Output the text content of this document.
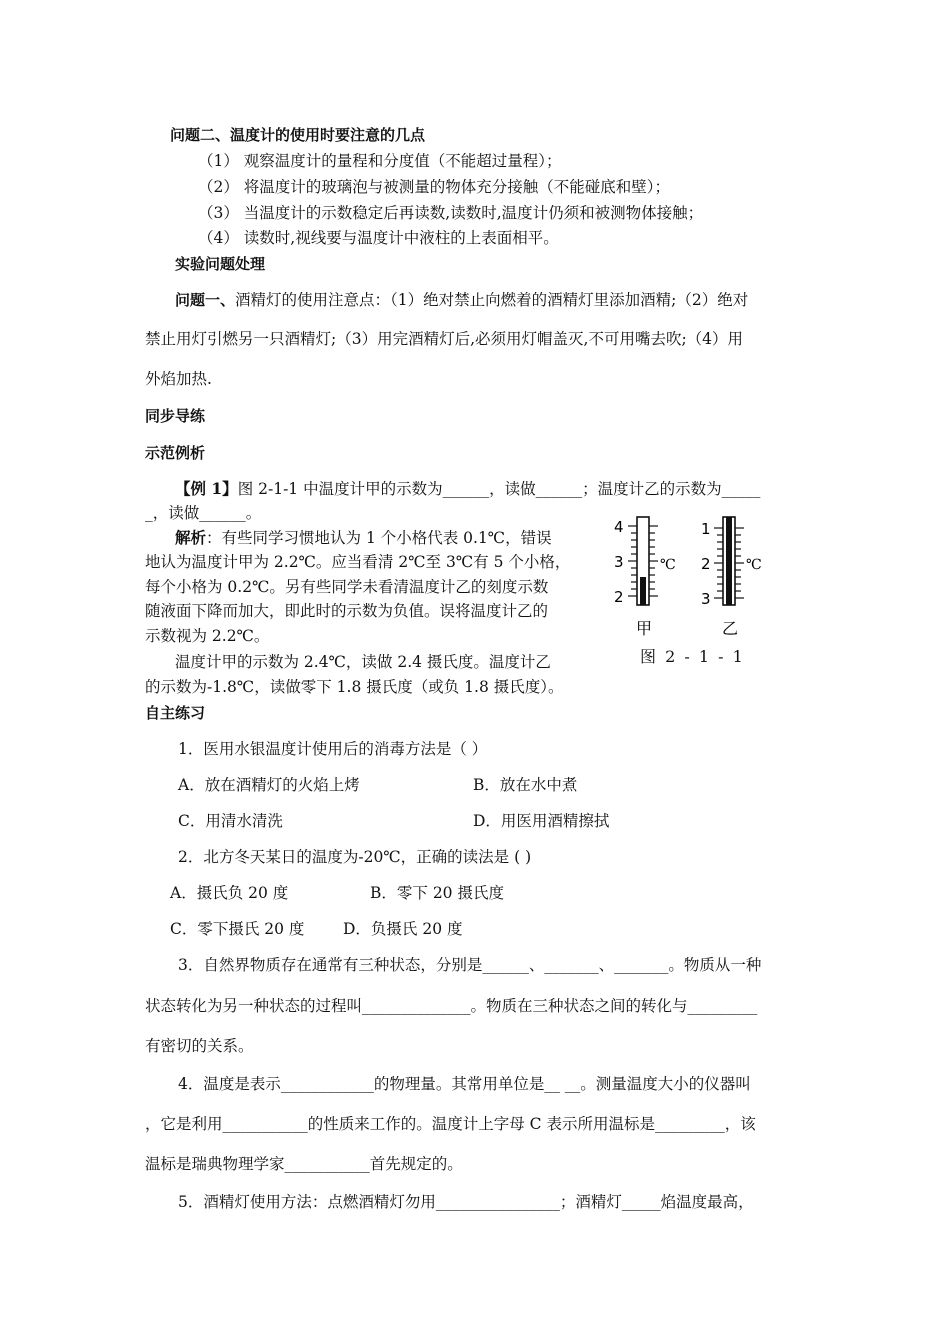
问题二、温度计的使用时要注意的几点
（1） 观察温度计的量程和分度值（不能超过量程）；
（2） 将温度计的玻璃泡与被测量的物体充分接触（不能碰底和壁）；
（3） 当温度计的示数稳定后再读数,读数时,温度计仍须和被测物体接触；
（4） 读数时,视线要与温度计中液柱的上表面相平。
实验问题处理
问题一、酒精灯的使用注意点：（1）绝对禁止向燃着的酒精灯里添加酒精;（2）绝对
禁止用灯引燃另一只酒精灯;（3）用完酒精灯后,必须用灯帽盖灭,不可用嘴去吹;（4）用
外焰加热.
同步导练
示范例析
【例 1】图 2-1-1 中温度计甲的示数为______，读做______；温度计乙的示数为_____
_，读做______。
解析：有些同学习惯地认为 1 个小格代表 0.1℃，错误
地认为温度计甲为 2.2℃。应当看清 2℃至 3℃有 5 个小格，
每个小格为 0.2℃。另有些同学未看清温度计乙的刻度示数
随液面下降而加大，即此时的示数为负值。误将温度计乙的
示数视为 2.2℃。
温度计甲的示数为 2.4℃，读做 2.4 摄氏度。温度计乙
的示数为-1.8℃，读做零下 1.8 摄氏度（或负 1.8 摄氏度）。
4
3
2
℃
甲
1
2
3
℃
乙
图 2 - 1 - 1
自主练习
1．医用水银温度计使用后的消毒方法是（ ）
A．放在酒精灯的火焰上烤	B．放在水中煮
C．用清水清洗	D．用医用酒精擦拭
2．北方冬天某日的温度为-20℃，正确的读法是 ( )
A．摄氏负 20 度	B．零下 20 摄氏度
C．零下摄氏 20 度 D．负摄氏 20 度
3．自然界物质存在通常有三种状态，分别是______、_______、_______。物质从一种
状态转化为另一种状态的过程叫______________。物质在三种状态之间的转化与_________
有密切的关系。
4．温度是表示____________的物理量。其常用单位是__ __。测量温度大小的仪器叫
，它是利用___________的性质来工作的。温度计上字母 C 表示所用温标是_________，该
温标是瑞典物理学家___________首先规定的。
5．酒精灯使用方法：点燃酒精灯勿用________________；酒精灯_____焰温度最高，
